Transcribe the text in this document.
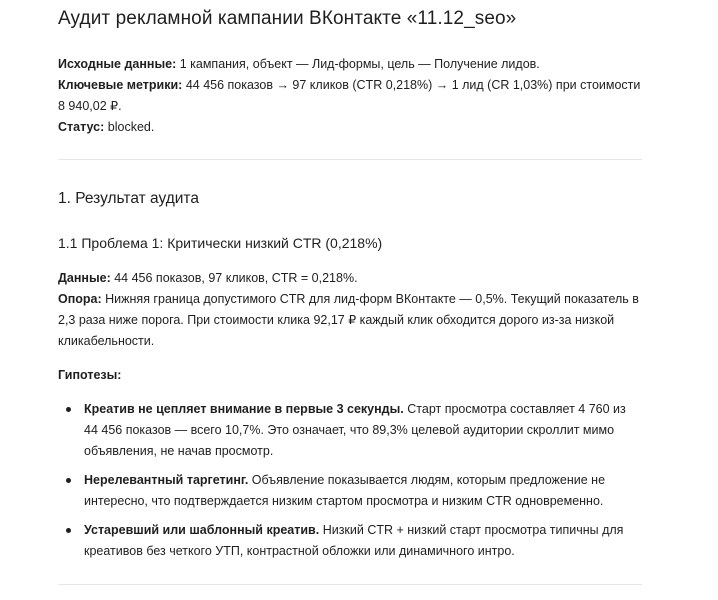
Аудит рекламной кампании ВКонтакте «11.12_seo»

Исходные данные: 1 кампания, объект — Лид-формы, цель — Получение лидов.

Ключевые метрики: 44 456 показов → 97 кликов (CTR 0,218%) → 1 лид (CR 1,03%) при стоимости 8 940,02 ₽.

Статус: blocked.

1. Результат аудита
1.1 Проблема 1: Критически низкий CTR (0,218%)

Данные: 44 456 показов, 97 кликов, CTR = 0,218%.

Опора: Нижняя граница допустимого CTR для лид-форм ВКонтакте — 0,5%. Текущий показатель в 2,3 раза ниже порога. При стоимости клика 92,17 ₽ каждый клик обходится дорого из-за низкой кликабельности.

Гипотезы:

Креатив не цепляет внимание в первые 3 секунды. Старт просмотра составляет 4 760 из 44 456 показов — всего 10,7%. Это означает, что 89,3% целевой аудитории скроллит мимо объявления, не начав просмотр.
Нерелевантный таргетинг. Объявление показывается людям, которым предложение не интересно, что подтверждается низким стартом просмотра и низким CTR одновременно.
Устаревший или шаблонный креатив. Низкий CTR + низкий старт просмотра типичны для креативов без четкого УТП, контрастной обложки или динамичного интро.
